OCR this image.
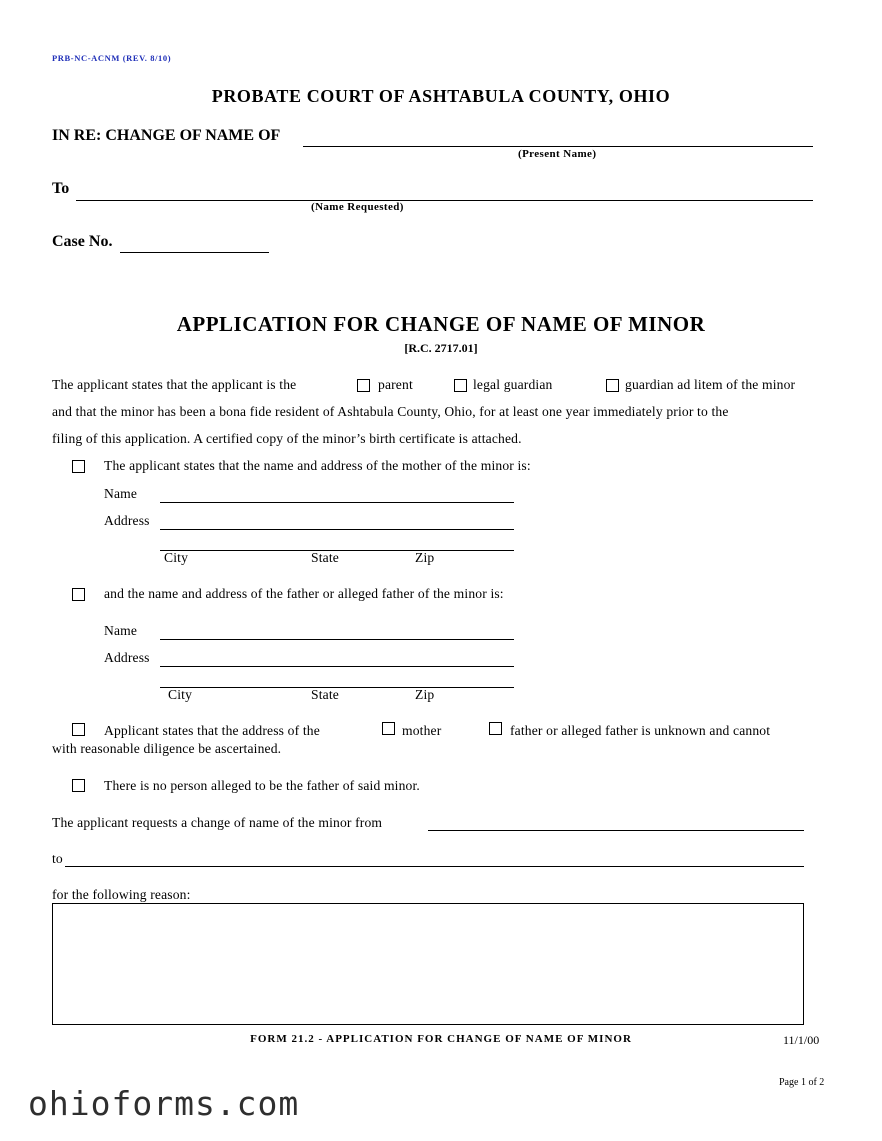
PRB-NC-ACNM (REV. 8/10)
PROBATE COURT OF ASHTABULA COUNTY, OHIO
IN RE: CHANGE OF NAME OF
(Present Name)
To
(Name Requested)
Case No.
APPLICATION FOR CHANGE OF NAME OF MINOR
[R.C. 2717.01]
The applicant states that the applicant is the	parent	legal guardian	guardian ad litem of the minor
and that the minor has been a bona fide resident of Ashtabula County, Ohio, for at least one year immediately prior to the
filing of this application. A certified copy of the minor’s birth certificate is attached.
The applicant states that the name and address of the mother of the minor is:
Name
Address
City	State	Zip
and the name and address of the father or alleged father of the minor is:
Name
Address
City	State	Zip
Applicant states that the address of the	mother	father or alleged father is unknown and cannot
with reasonable diligence be ascertained.
There is no person alleged to be the father of said minor.
The applicant requests a change of name of the minor from
to
for the following reason:
FORM 21.2 - APPLICATION FOR CHANGE OF NAME OF MINOR	11/1/00
Page 1 of 2
ohioforms.com
